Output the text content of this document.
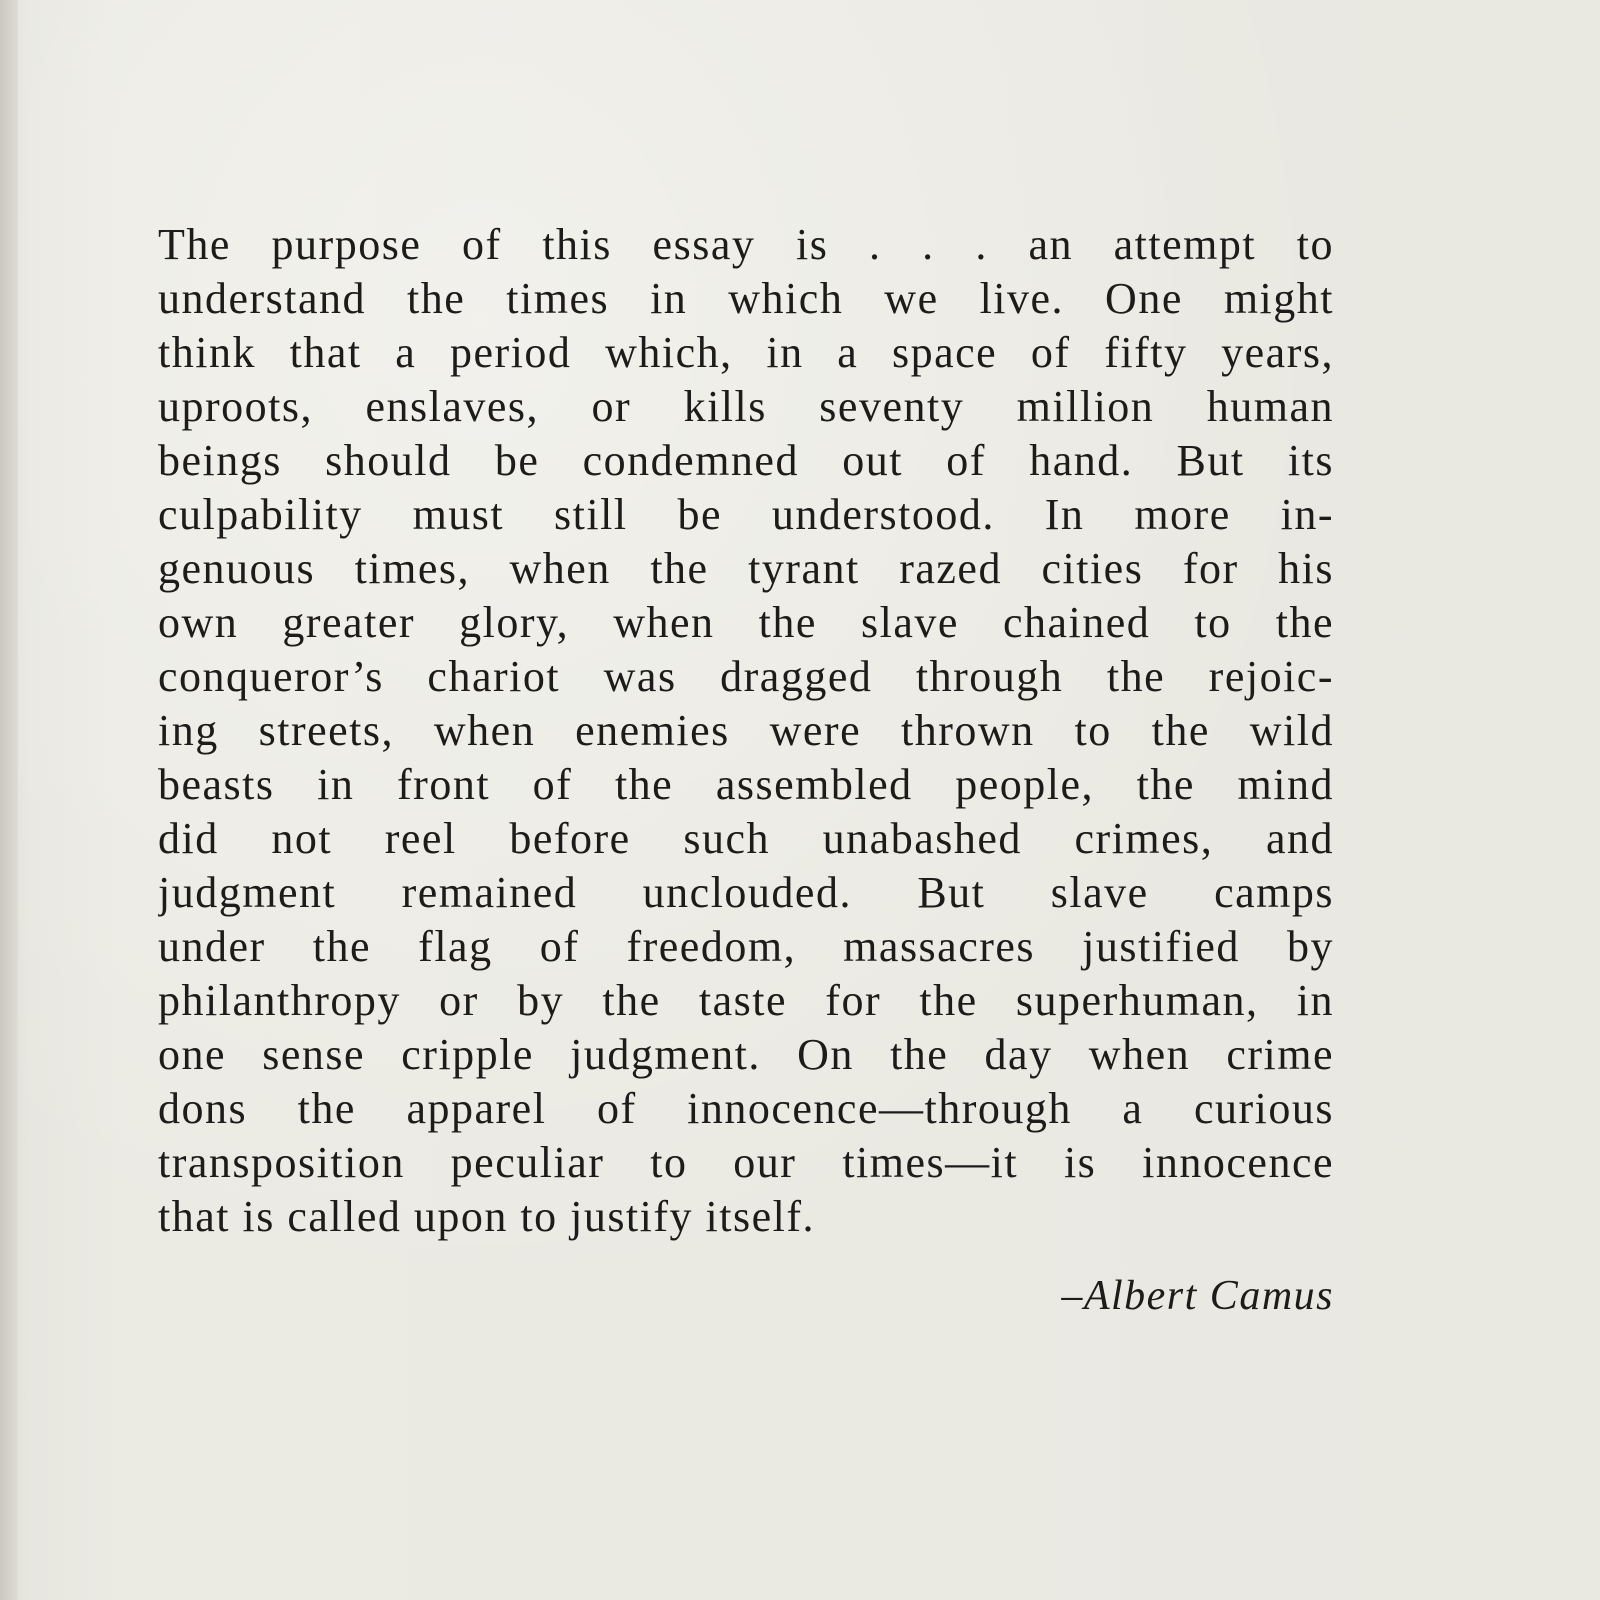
The purpose of this essay is . . . an attempt to
understand the times in which we live. One might
think that a period which, in a space of fifty years,
uproots, enslaves, or kills seventy million human
beings should be condemned out of hand. But its
culpability must still be understood. In more in-
genuous times, when the tyrant razed cities for his
own greater glory, when the slave chained to the
conqueror’s chariot was dragged through the rejoic-
ing streets, when enemies were thrown to the wild
beasts in front of the assembled people, the mind
did not reel before such unabashed crimes, and
judgment remained unclouded. But slave camps
under the flag of freedom, massacres justified by
philanthropy or by the taste for the superhuman, in
one sense cripple judgment. On the day when crime
dons the apparel of innocence—through a curious
transposition peculiar to our times—it is innocence
that is called upon to justify itself.

–Albert Camus
